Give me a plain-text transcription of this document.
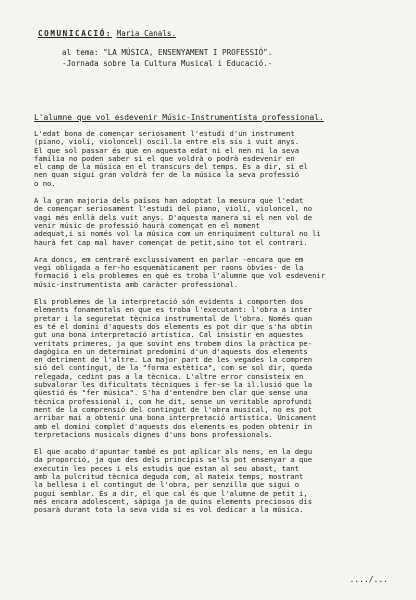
COMUNICACIÓ: Maria Canals.
al tema: "LA MÚSICA, ENSENYAMENT I PROFESSIÓ".
-Jornada sobre la Cultura Musical i Educació.-
L'alumne que vol esdevenir Músic-Instrumentista professional.
L'edat bona de començar seriosament l'estudi d'un instrument
(piano, violí, violoncel) oscil.la entre els sis i vuit anys.
El que sol passar és que en aquesta edat ni el nen ni la seva
família no poden saber si el que voldrà o podrà esdevenir en
el camp de la música en el transcurs del temps. És a dir, si el
nen quan sigui gran voldrà fer de la música la seva professió
o no.
A la gran majoria dels països han adoptat la mesura que l'edat
de començar seriosament l'estudi del piano, violí, violoncel, no
vagi més enllà dels vuit anys. D'aquesta manera si el nen vol de
venir músic de professió haurà començat en el moment
adequat,i si només vol la música com un enriquiment cultural no li
haurà fet cap mal haver començat de petit,sino tot el contrari.
Ara doncs, em centraré exclussivament en parlar -encara que em
vegi obligada a fer-ho esquemàticament per raons òbvies- de la
formació i els problemes en què es troba l'alumne que vol esdevenir
músic-instrumentista amb caràcter professional.
Els problemes de la interpretació són evidents i comporten dos
elements fonamentals en que es troba l'executant: l'obra a inter
pretar i la seguretat tècnica instrumental de l'obra. Només quan
es té el domini d'aquests dos elements es pot dir que s'ha obtin
gut una bona interpretació artística. Cal insistir en aquestes
veritats primeres, ja que sovint ens trobem dins la pràctica pe-
dagògica en un determinat predomini d'un d'aquests dos elements
en detriment de l'altre. La major part de les vegades la compren
sió del contingut, de la "forma estètica", com se sol dir, queda
relegada, cedint pas a la tècnica. L'altre error consisteix en
subvalorar les dificultats tècniques i fer-se la il.lusió que la
qüestió és "fer música". S'ha d'entendre ben clar que sense una
tècnica professional i, com he dit, sense un veritable aprofundi
ment de la comprensió del contingut de l'obra musical, no es pot
arribar mai a obtenir una bona interpretació artística. Únicament
amb el domini complet d'aquests dos elements es poden obtenir in
terpretacions musicals dignes d'uns bons professionals.
El que acabo d'apuntar també es pot aplicar als nens, en la degu
da proporció, ja que des dels principis se'ls pot ensenyar a que
executin les peces i els estudis que estan al seu abast, tant
amb la pulcritud tècnica deguda com, al mateix temps, mostrant
la bellesa i el contingut de l'obra, per senzilla que sigui o
pugui semblar. És a dir, el que cal és que l'alumne de petit i,
més encara adolescent, sàpiga ja de quins elements preciosos dis
posarà durant tota la seva vida si es vol dedicar a la música.
..../...
